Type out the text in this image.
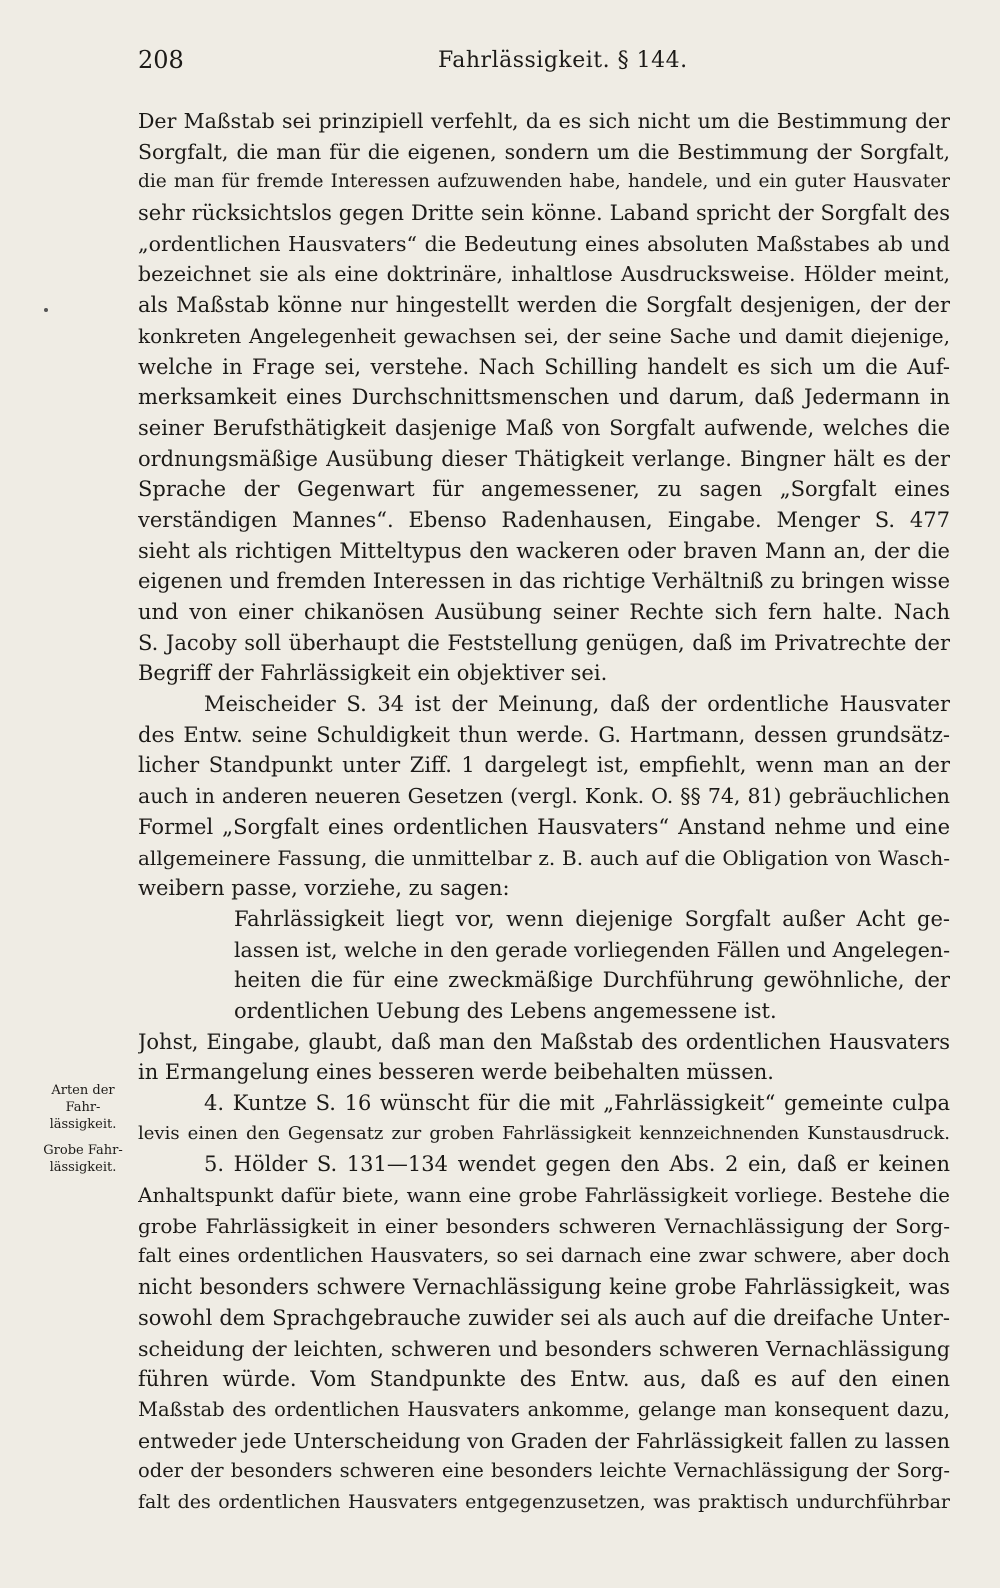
208	Fahrlässigkeit. § 144.
Arten der Fahr- lässigkeit.
Grobe Fahr- lässigkeit.
Der Maßstab sei prinzipiell verfehlt, da es sich nicht um die Bestimmung der
Sorgfalt, die man für die eigenen, sondern um die Bestimmung der Sorgfalt,
die man für fremde Interessen aufzuwenden habe, handele, und ein guter Hausvater
sehr rücksichtslos gegen Dritte sein könne. Laband spricht der Sorgfalt des
„ordentlichen Hausvaters“ die Bedeutung eines absoluten Maßstabes ab und
bezeichnet sie als eine doktrinäre, inhaltlose Ausdrucksweise. Hölder meint,
als Maßstab könne nur hingestellt werden die Sorgfalt desjenigen, der der
konkreten Angelegenheit gewachsen sei, der seine Sache und damit diejenige,
welche in Frage sei, verstehe. Nach Schilling handelt es sich um die Auf-
merksamkeit eines Durchschnittsmenschen und darum, daß Jedermann in
seiner Berufsthätigkeit dasjenige Maß von Sorgfalt aufwende, welches die
ordnungsmäßige Ausübung dieser Thätigkeit verlange. Bingner hält es der
Sprache der Gegenwart für angemessener, zu sagen „Sorgfalt eines
verständigen Mannes“. Ebenso Radenhausen, Eingabe. Menger S. 477
sieht als richtigen Mitteltypus den wackeren oder braven Mann an, der die
eigenen und fremden Interessen in das richtige Verhältniß zu bringen wisse
und von einer chikanösen Ausübung seiner Rechte sich fern halte. Nach
S. Jacoby soll überhaupt die Feststellung genügen, daß im Privatrechte der
Begriff der Fahrlässigkeit ein objektiver sei.
Meischeider S. 34 ist der Meinung, daß der ordentliche Hausvater
des Entw. seine Schuldigkeit thun werde. G. Hartmann, dessen grundsätz-
licher Standpunkt unter Ziff. 1 dargelegt ist, empfiehlt, wenn man an der
auch in anderen neueren Gesetzen (vergl. Konk. O. §§ 74, 81) gebräuchlichen
Formel „Sorgfalt eines ordentlichen Hausvaters“ Anstand nehme und eine
allgemeinere Fassung, die unmittelbar z. B. auch auf die Obligation von Wasch-
weibern passe, vorziehe, zu sagen:
Fahrlässigkeit liegt vor, wenn diejenige Sorgfalt außer Acht ge-
lassen ist, welche in den gerade vorliegenden Fällen und Angelegen-
heiten die für eine zweckmäßige Durchführung gewöhnliche, der
ordentlichen Uebung des Lebens angemessene ist.
Johst, Eingabe, glaubt, daß man den Maßstab des ordentlichen Hausvaters
in Ermangelung eines besseren werde beibehalten müssen.
4. Kuntze S. 16 wünscht für die mit „Fahrlässigkeit“ gemeinte culpa
levis einen den Gegensatz zur groben Fahrlässigkeit kennzeichnenden Kunstausdruck.
5. Hölder S. 131—134 wendet gegen den Abs. 2 ein, daß er keinen
Anhaltspunkt dafür biete, wann eine grobe Fahrlässigkeit vorliege. Bestehe die
grobe Fahrlässigkeit in einer besonders schweren Vernachlässigung der Sorg-
falt eines ordentlichen Hausvaters, so sei darnach eine zwar schwere, aber doch
nicht besonders schwere Vernachlässigung keine grobe Fahrlässigkeit, was
sowohl dem Sprachgebrauche zuwider sei als auch auf die dreifache Unter-
scheidung der leichten, schweren und besonders schweren Vernachlässigung
führen würde. Vom Standpunkte des Entw. aus, daß es auf den einen
Maßstab des ordentlichen Hausvaters ankomme, gelange man konsequent dazu,
entweder jede Unterscheidung von Graden der Fahrlässigkeit fallen zu lassen
oder der besonders schweren eine besonders leichte Vernachlässigung der Sorg-
falt des ordentlichen Hausvaters entgegenzusetzen, was praktisch undurchführbar
